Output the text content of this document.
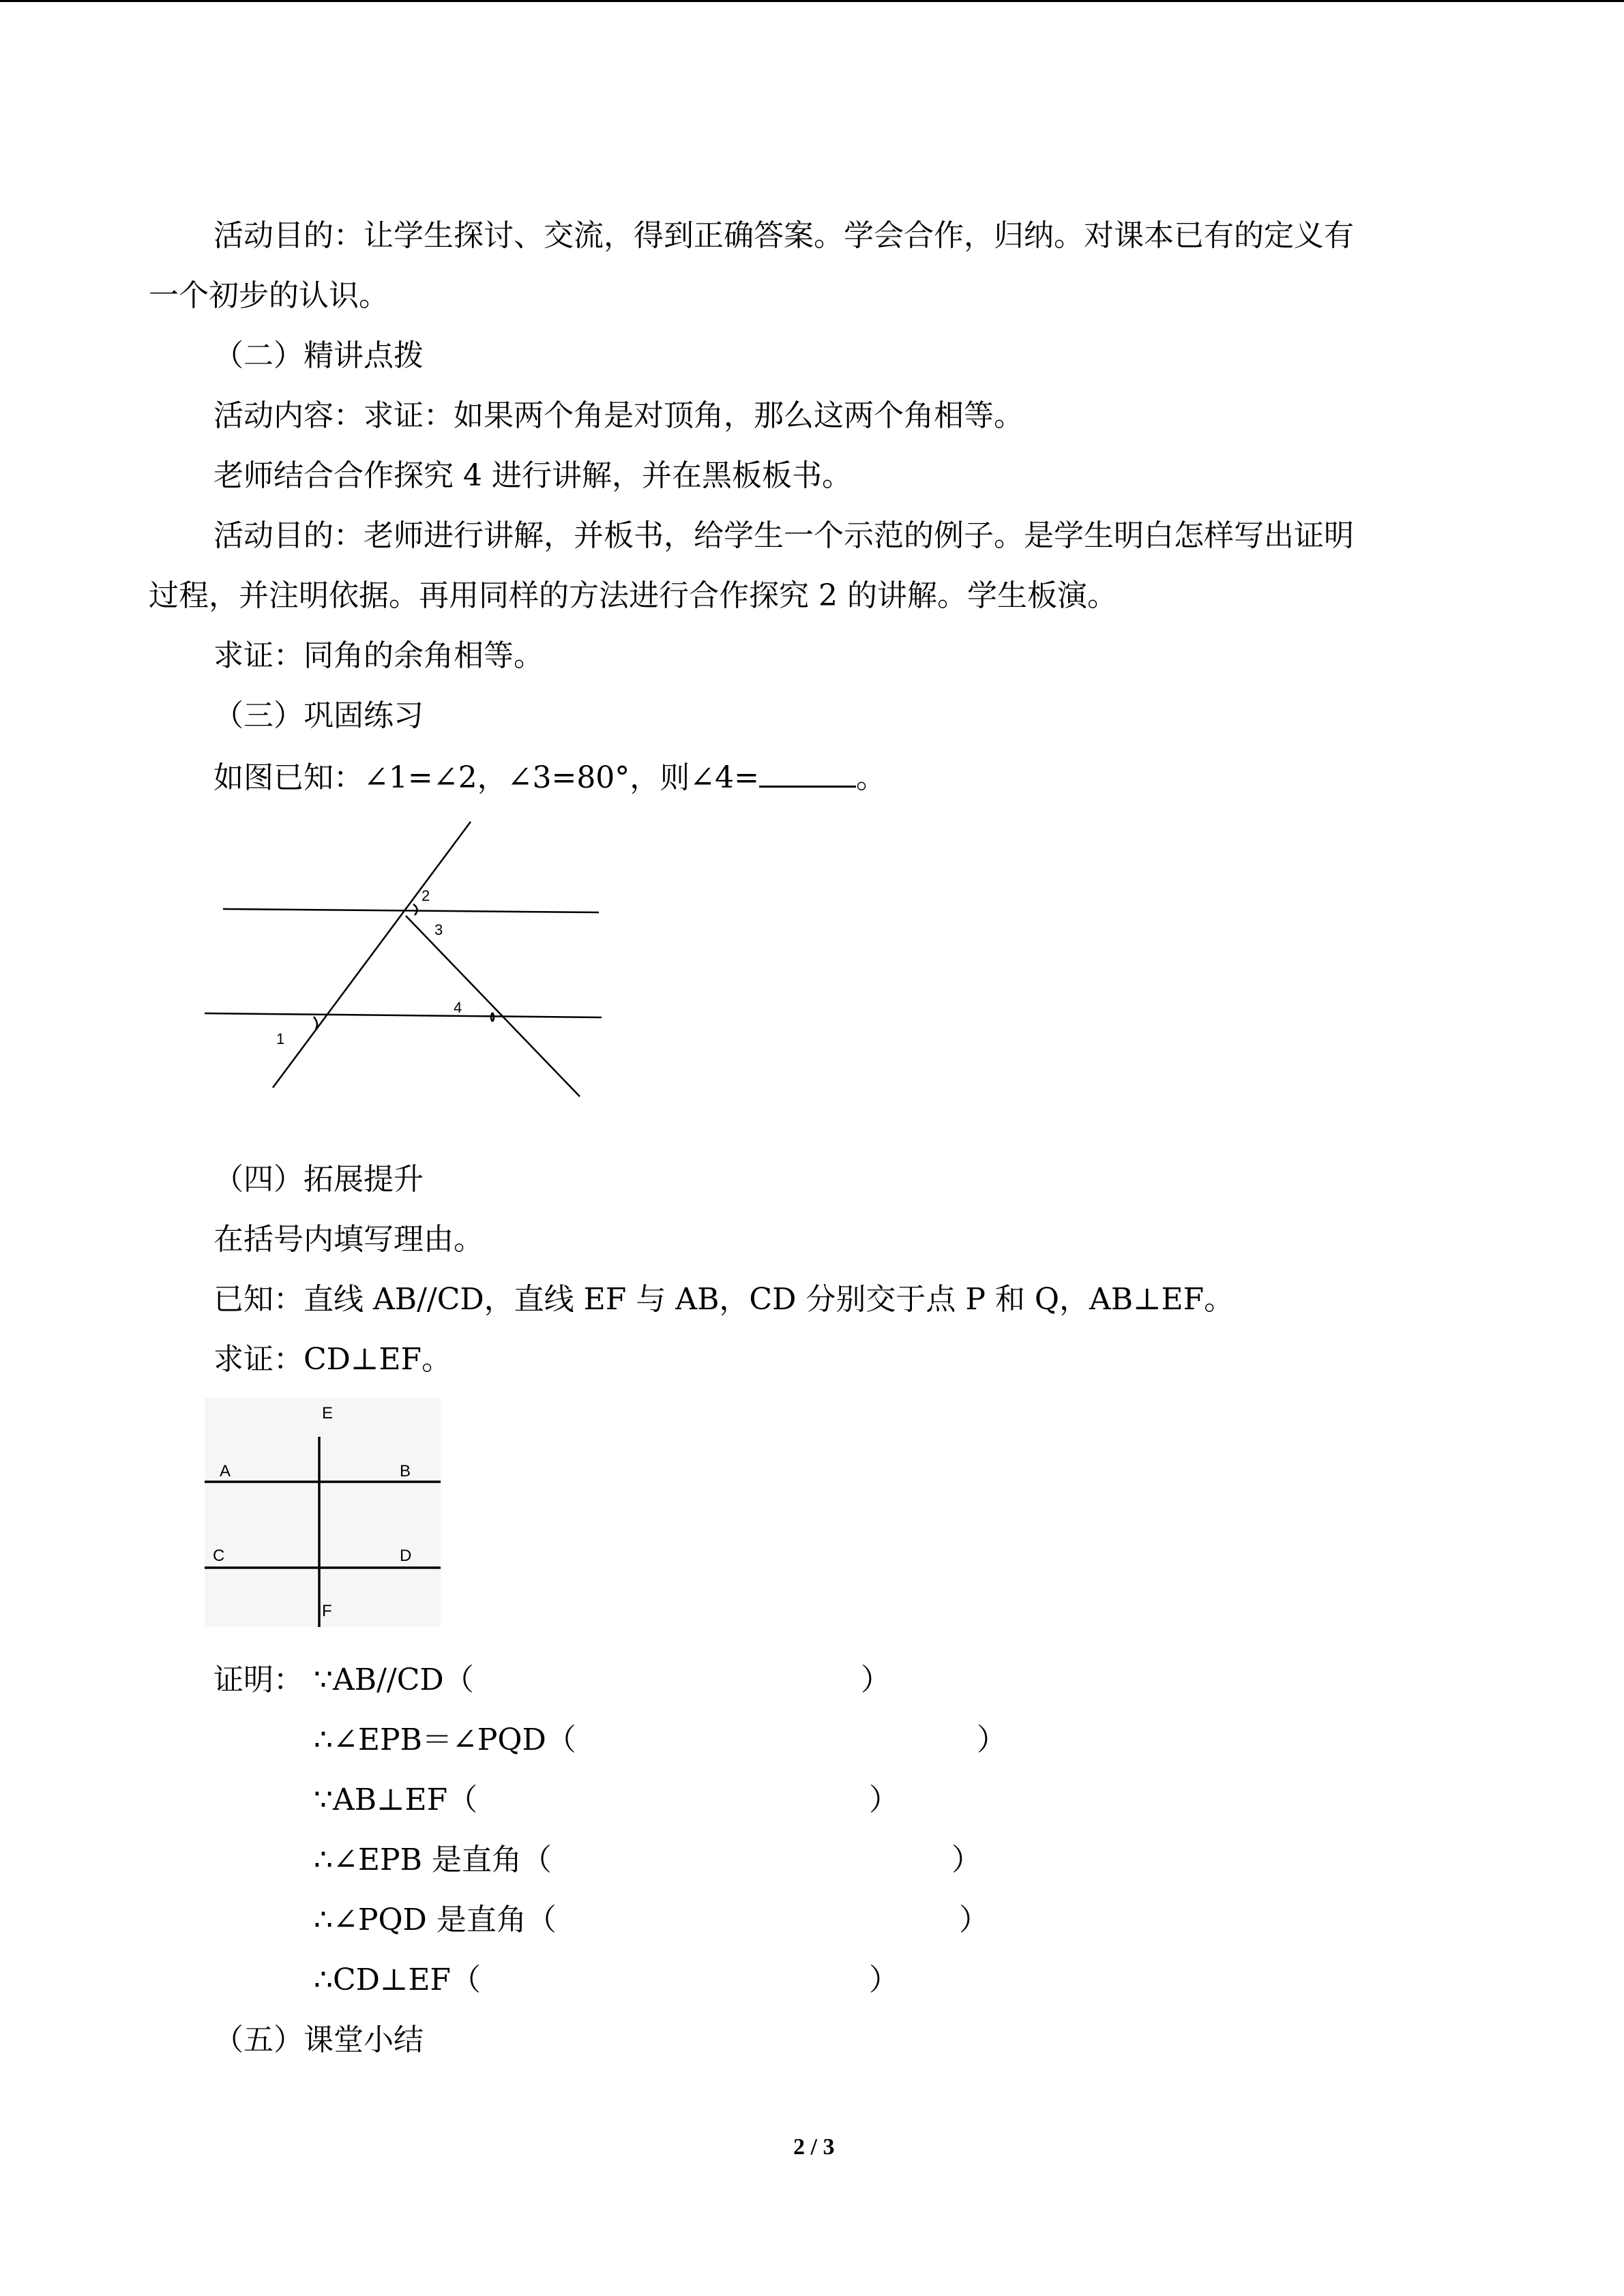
活动目的：让学生探讨、交流，得到正确答案。学会合作，归纳。对课本已有的定义有
一个初步的认识。
（二）精讲点拨
活动内容：求证：如果两个角是对顶角，那么这两个角相等。
老师结合合作探究 4 进行讲解，并在黑板板书。
活动目的：老师进行讲解，并板书，给学生一个示范的例子。是学生明白怎样写出证明
过程，并注明依据。再用同样的方法进行合作探究 2 的讲解。学生板演。
求证：同角的余角相等。
（三）巩固练习
如图已知：∠1=∠2，∠3=80°，则∠4=	。
2
3
4
1
（四）拓展提升
在括号内填写理由。
已知：直线 AB//CD，直线 EF 与 AB，CD 分别交于点 P 和 Q，AB⊥EF。
求证：CD⊥EF。
E
A	B
C	D
F
证明： ∵AB//CD（	）
∴∠EPB＝∠PQD（	）
∵AB⊥EF（	）
∴∠EPB 是直角（	）
∴∠PQD 是直角（	）
∴CD⊥EF（	）
（五）课堂小结
2 / 3
